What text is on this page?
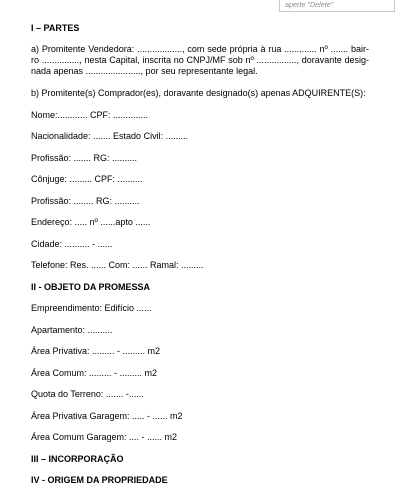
aperte "Delete"
I – PARTES
a) Promitente Vendedora: .................., com sede própria à rua ............. nº ....... bair-
ro ..............., nesta Capital, inscrita no CNPJ/MF sob nº ................, doravante desig-
nada apenas ......................, por seu representante legal.
b) Promitente(s) Comprador(es), doravante designado(s) apenas ADQUIRENTE(S):
Nome:............ CPF: ..............
Nacionalidade: ....... Estado Civil: .........
Profissão: ....... RG: ..........
Cônjuge: ......... CPF: ..........
Profissão: ........ RG: ..........
Endereço: ..... nº ......apto ......
Cidade: .......... - ......
Telefone: Res. ...... Com: ...... Ramal: .........
II - OBJETO DA PROMESSA
Empreendimento: Edifício ......
Apartamento: ..........
Área Privativa: ......... - ......... m2
Área Comum: ......... - ......... m2
Quota do Terreno: ....... -......
Área Privativa Garagem: ..... - ...... m2
Área Comum Garagem: .... - ...... m2
III – INCORPORAÇÃO
IV - ORIGEM DA PROPRIEDADE
